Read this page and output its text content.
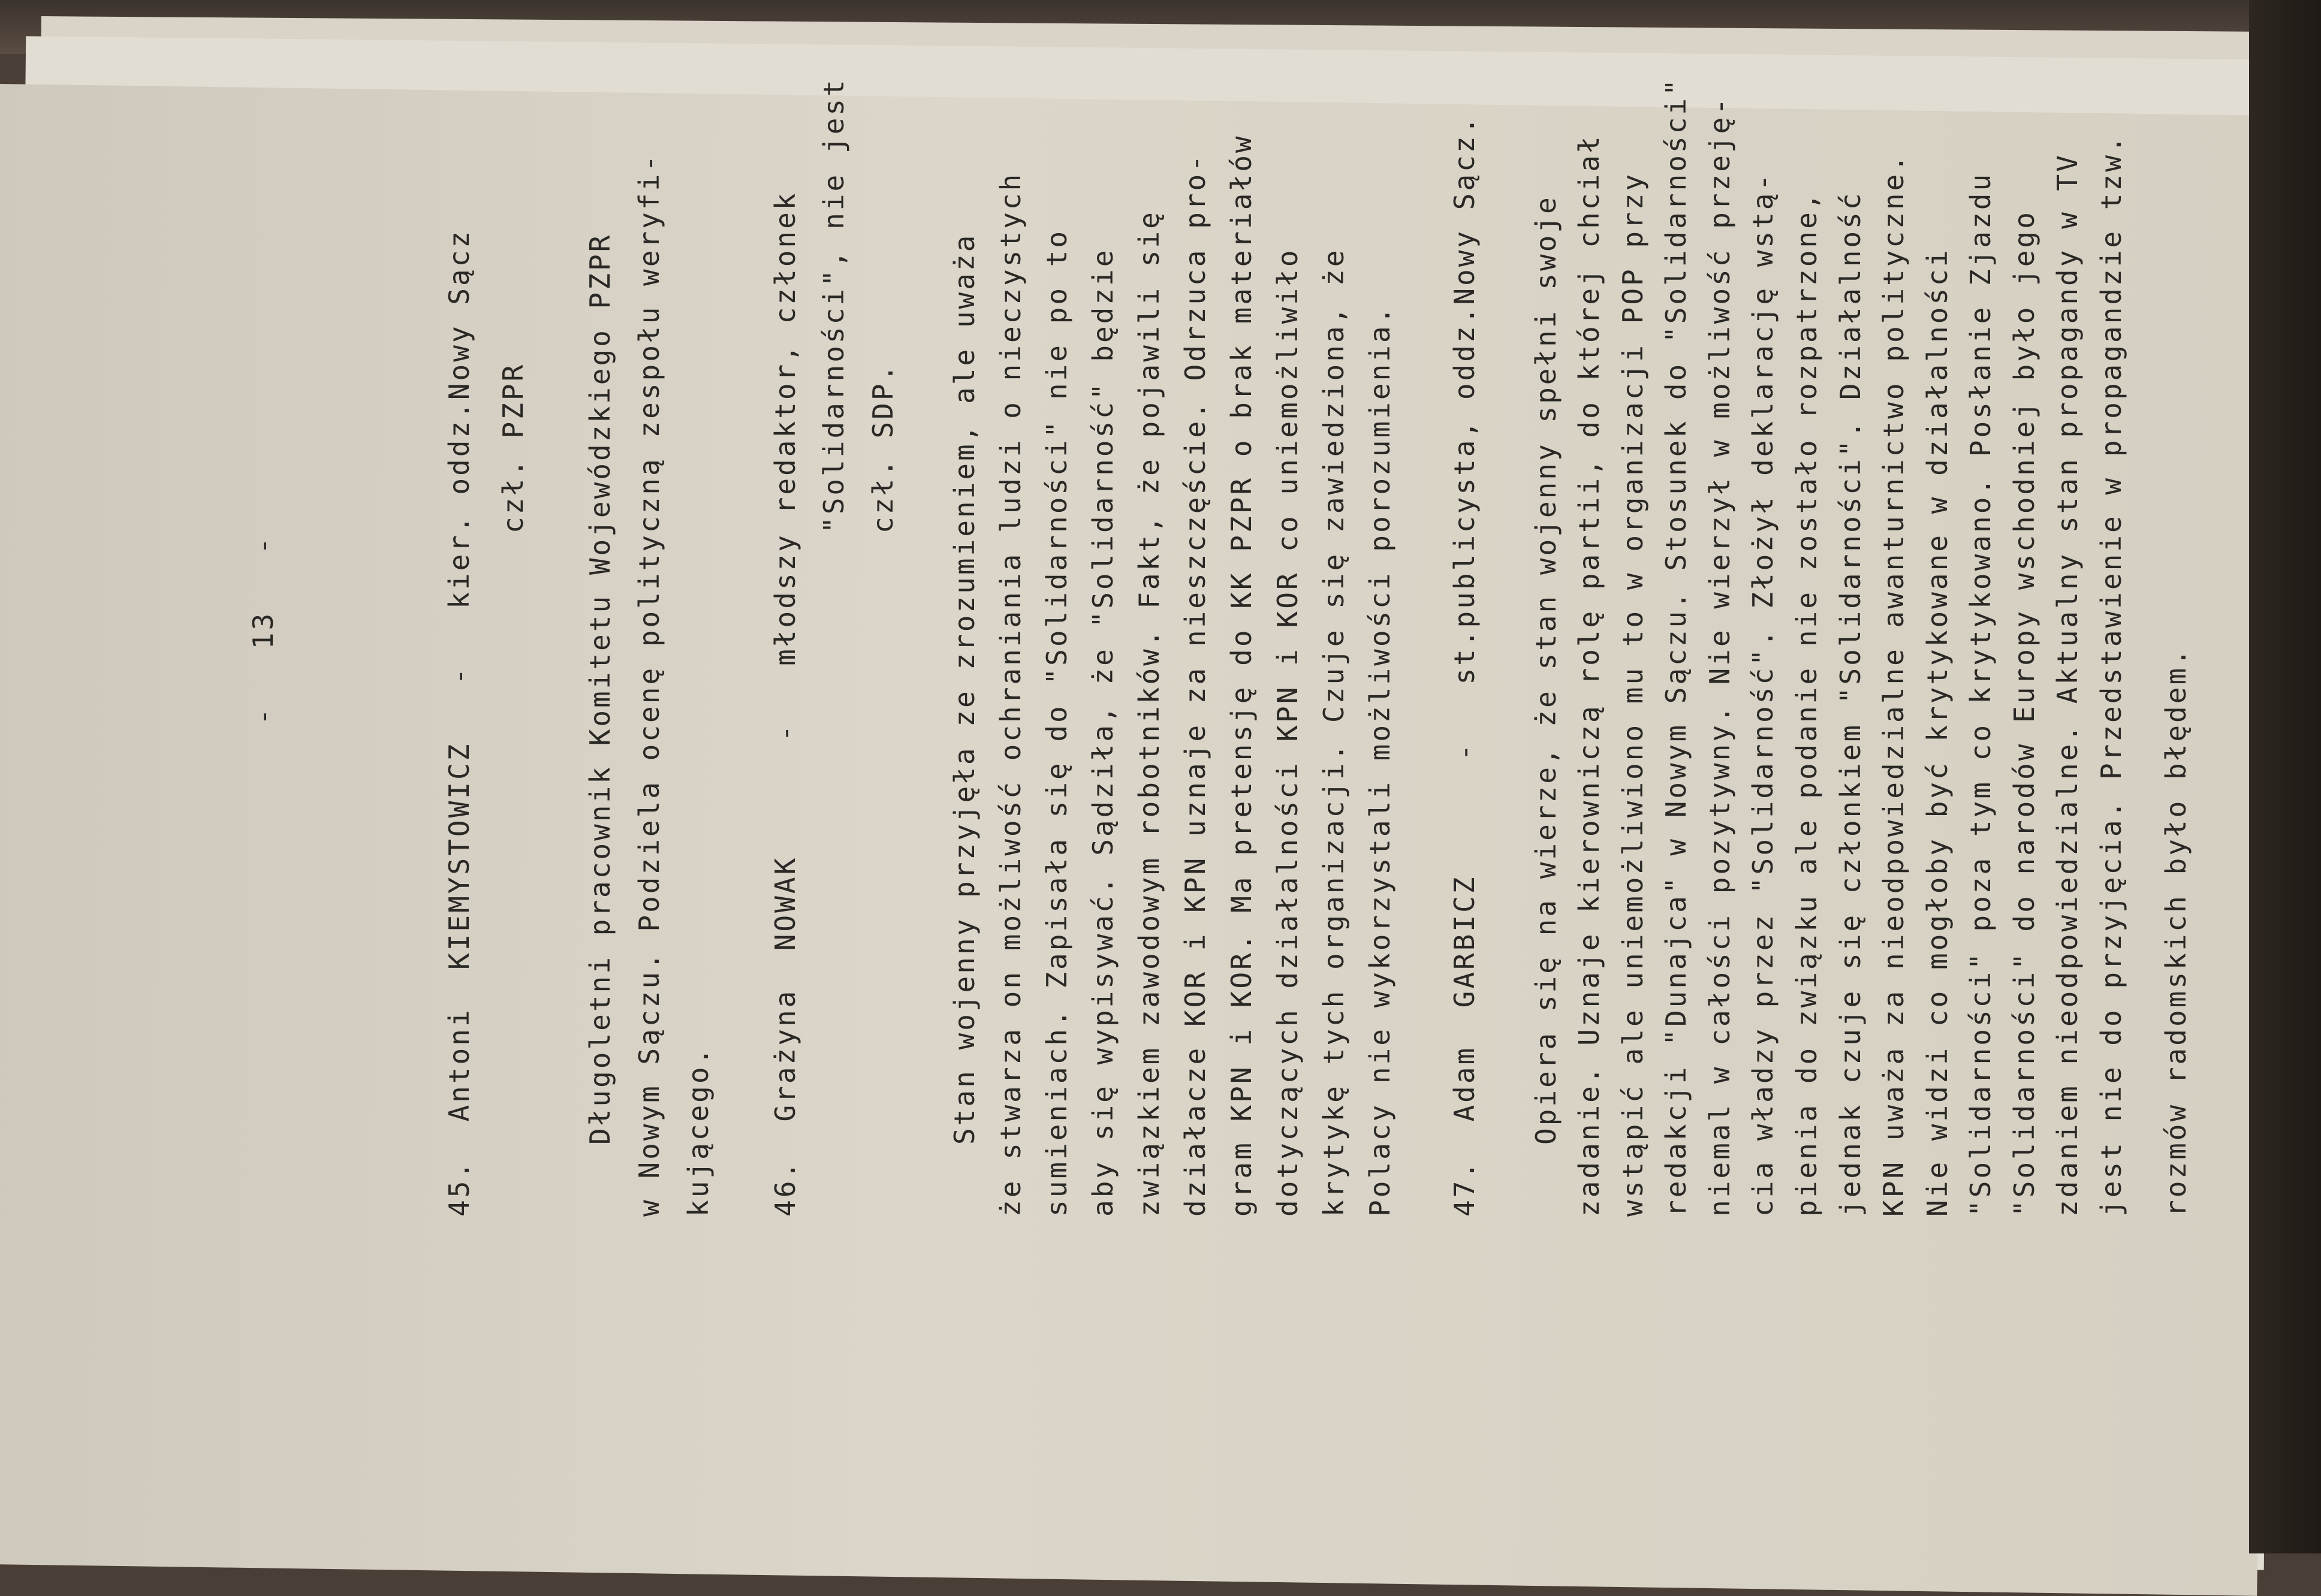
-   13   -	45.  Antoni  KIEMYSTOWICZ   -   kier. oddz.Nowy Sącz czł. PZPR Długoletni pracownik Komitetu Wojewódzkiego PZPR w Nowym Sączu. Podziela ocenę polityczną zespołu weryfi- kującego. 46.  Grażyna  NOWAK      -   młodszy redaktor, członek "Solidarności", nie jest czł. SDP. Stan wojenny przyjęła ze zrozumieniem, ale uważa że stwarza on możliwość ochraniania ludzi o nieczystych sumieniach. Zapisała się do "Solidarności" nie po to aby się wypisywać. Sądziła, że "Solidarność" będzie związkiem zawodowym robotników. Fakt, że pojawili się działacze KOR i KPN uznaje za nieszczęście. Odrzuca pro- gram KPN i KOR. Ma pretensję do KK PZPR o brak materiałów dotyczących działalności KPN i KOR co uniemożliwiło krytykę tych organizacji. Czuje się zawiedziona, że Polacy nie wykorzystali możliwości porozumienia. 47.  Adam  GARBICZ      -   st.publicysta, oddz.Nowy Sącz. Opiera się na wierze, że stan wojenny spełni swoje zadanie. Uznaje kierowniczą rolę partii, do której chciał wstąpić ale uniemożliwiono mu to w organizacji POP przy redakcji "Dunajca" w Nowym Sączu. Stosunek do "Solidarności" niemal w całości pozytywny. Nie wierzył w możliwość przeję- cia władzy przez "Solidarność". Złożył deklarację wstą- pienia do związku ale podanie nie zostało rozpatrzone, jednak czuje się członkiem "Solidarności". Działalność KPN uważa za nieodpowiedzialne awanturnictwo polityczne. Nie widzi co mogłoby być krytykowane w działalności "Solidarności" poza tym co krytykowano. Posłanie Zjazdu "Solidarności" do narodów Europy wschodniej było jego zdaniem nieodpowiedzialne. Aktualny stan propagandy w TV jest nie do przyjęcia. Przedstawienie w propagandzie tzw. rozmów radomskich było błędem.
